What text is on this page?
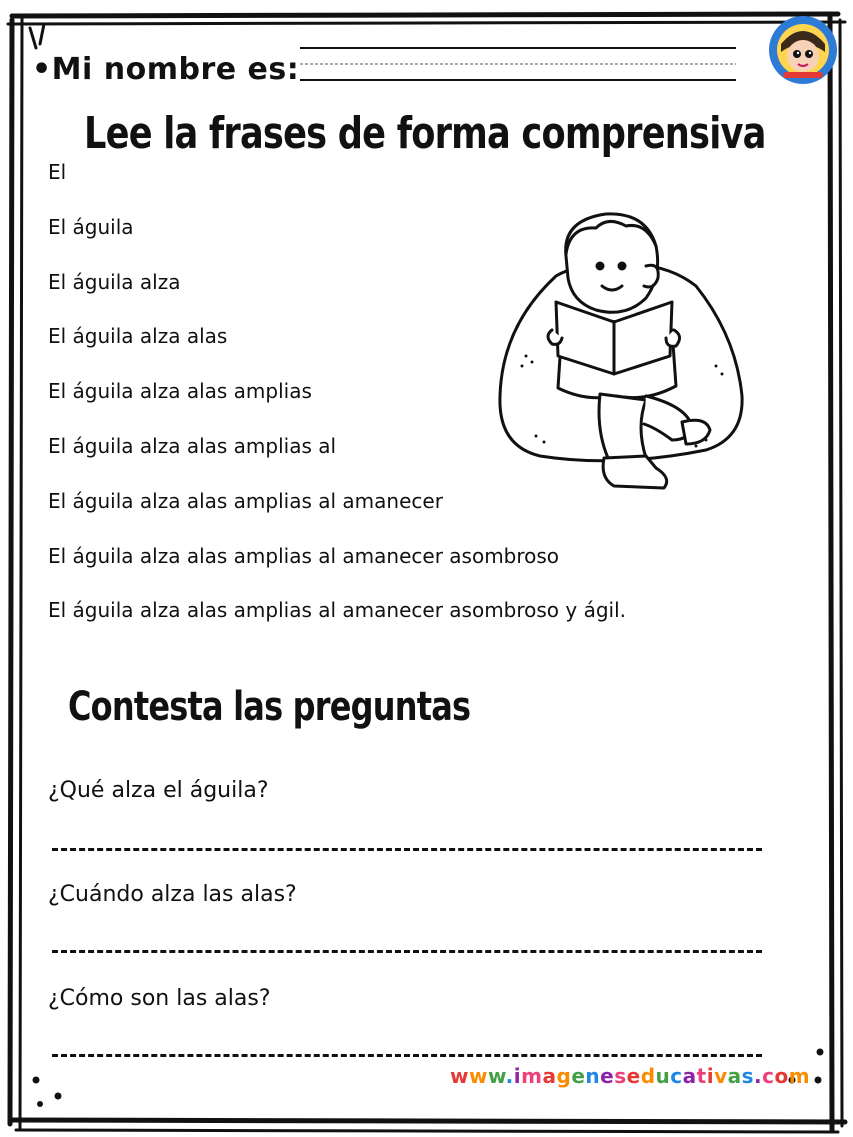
•Mi nombre es:
Lee la frases de forma comprensiva
El
El águila
El águila alza
El águila alza alas
El águila alza alas amplias
El águila alza alas amplias al
El águila alza alas amplias al amanecer
El águila alza alas amplias al amanecer asombroso
El águila alza alas amplias al amanecer asombroso y ágil.
Contesta las preguntas
¿Qué alza el águila?
¿Cuándo alza las alas?
¿Cómo son las alas?
www.imageneseducativas.com
